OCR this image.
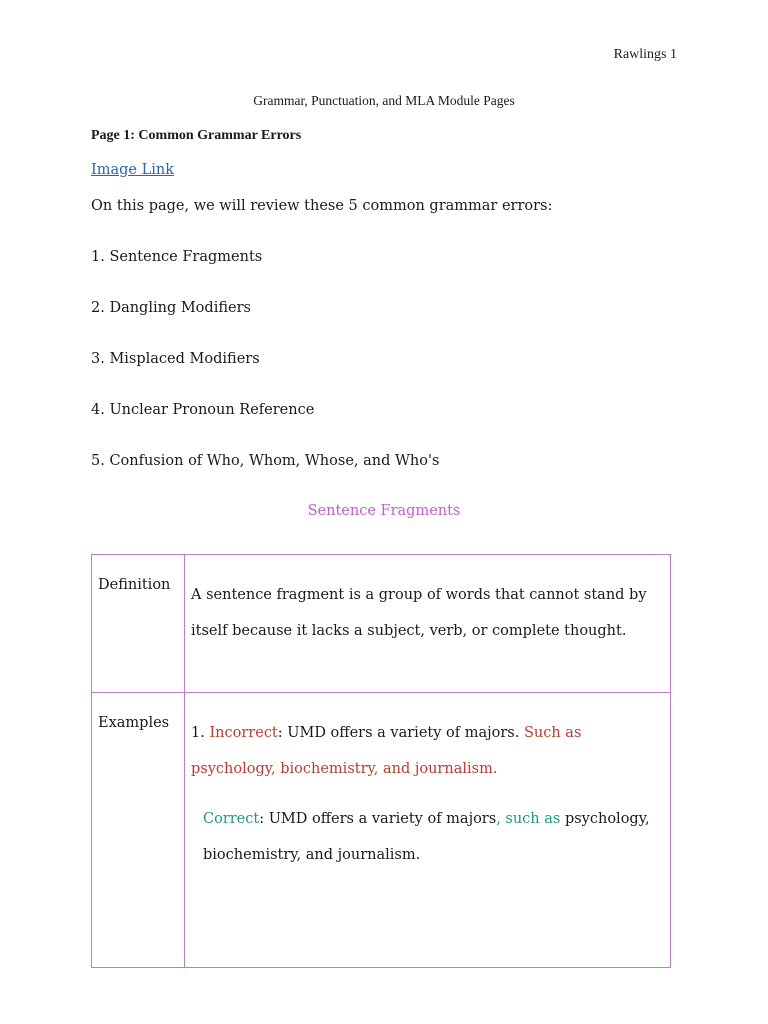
Rawlings 1
Grammar, Punctuation, and MLA Module Pages
Page 1: Common Grammar Errors
Image Link
On this page, we will review these 5 common grammar errors:
1. Sentence Fragments
2. Dangling Modifiers
3. Misplaced Modifiers
4. Unclear Pronoun Reference
5. Confusion of Who, Whom, Whose, and Who's
Sentence Fragments
Definition	A sentence fragment is a group of words that cannot stand by itself because it lacks a subject, verb, or complete thought.
Examples	1. Incorrect: UMD offers a variety of majors. Such as psychology, biochemistry, and journalism.

Correct: UMD offers a variety of majors, such as psychology, biochemistry, and journalism.
